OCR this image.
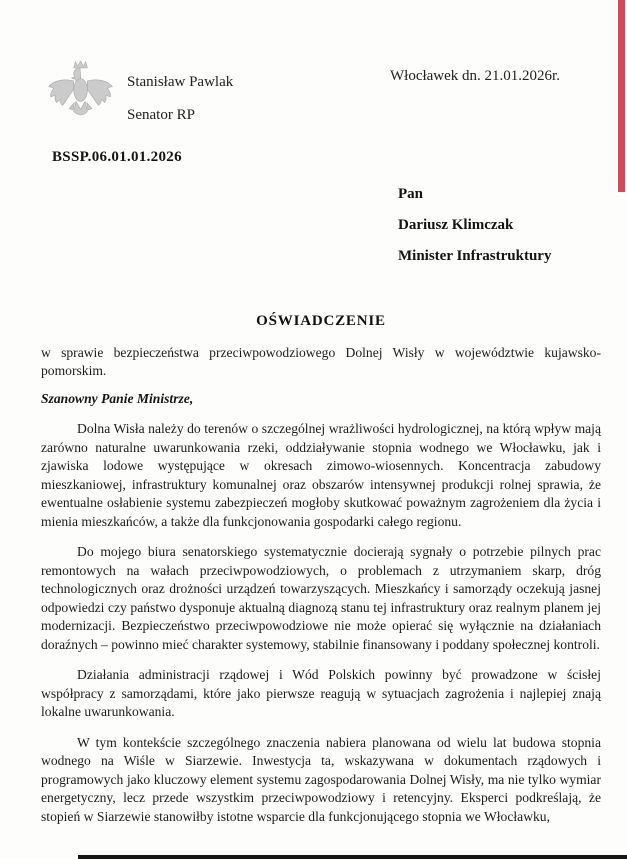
Stanisław Pawlak
Senator RP
Włocławek dn. 21.01.2026r.
BSSP.06.01.01.2026
Pan
Dariusz Klimczak
Minister Infrastruktury
OŚWIADCZENIE
w sprawie bezpieczeństwa przeciwpowodziowego Dolnej Wisły w województwie kujawsko-pomorskim.
Szanowny Panie Ministrze,

Dolna Wisła należy do terenów o szczególnej wrażliwości hydrologicznej, na którą wpływ mają zarówno naturalne uwarunkowania rzeki, oddziaływanie stopnia wodnego we Włocławku, jak i zjawiska lodowe występujące w okresach zimowo-wiosennych. Koncentracja zabudowy mieszkaniowej, infrastruktury komunalnej oraz obszarów intensywnej produkcji rolnej sprawia, że ewentualne osłabienie systemu zabezpieczeń mogłoby skutkować poważnym zagrożeniem dla życia i mienia mieszkańców, a także dla funkcjonowania gospodarki całego regionu.

Do mojego biura senatorskiego systematycznie docierają sygnały o potrzebie pilnych prac remontowych na wałach przeciwpowodziowych, o problemach z utrzymaniem skarp, dróg technologicznych oraz drożności urządzeń towarzyszących. Mieszkańcy i samorządy oczekują jasnej odpowiedzi czy państwo dysponuje aktualną diagnozą stanu tej infrastruktury oraz realnym planem jej modernizacji. Bezpieczeństwo przeciwpowodziowe nie może opierać się wyłącznie na działaniach doraźnych – powinno mieć charakter systemowy, stabilnie finansowany i poddany społecznej kontroli.

Działania administracji rządowej i Wód Polskich powinny być prowadzone w ścisłej współpracy z samorządami, które jako pierwsze reagują w sytuacjach zagrożenia i najlepiej znają lokalne uwarunkowania.

W tym kontekście szczególnego znaczenia nabiera planowana od wielu lat budowa stopnia wodnego na Wiśle w Siarzewie. Inwestycja ta, wskazywana w dokumentach rządowych i programowych jako kluczowy element systemu zagospodarowania Dolnej Wisły, ma nie tylko wymiar energetyczny, lecz przede wszystkim przeciwpowodziowy i retencyjny. Eksperci podkreślają, że stopień w Siarzewie stanowiłby istotne wsparcie dla funkcjonującego stopnia we Włocławku,
